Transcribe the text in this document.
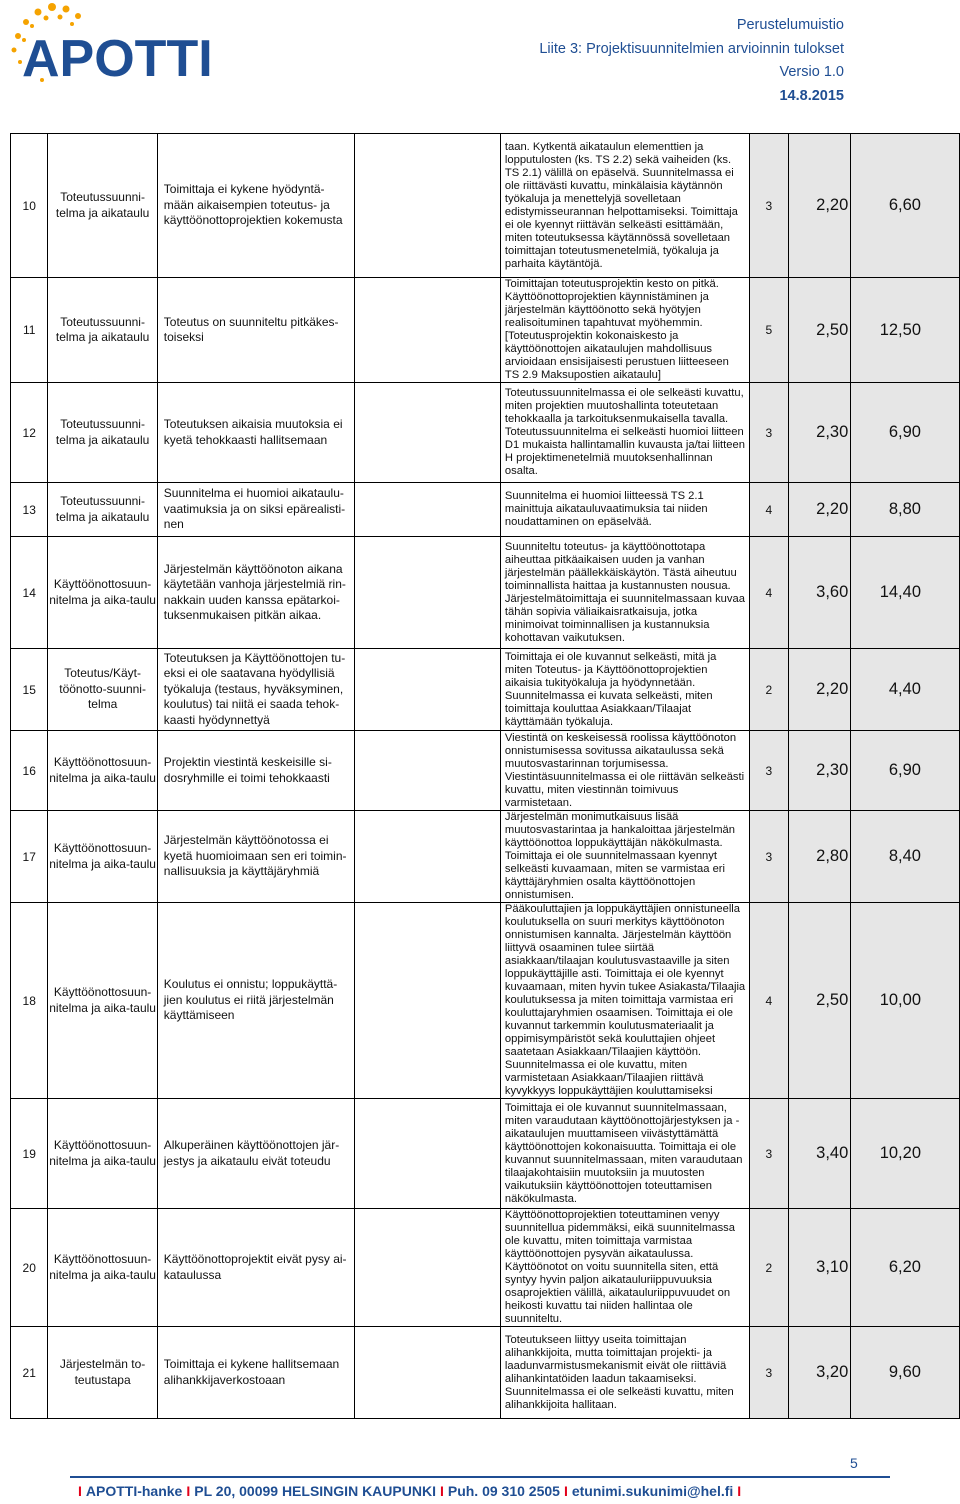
APOTTI
Perustelumuistio
Liite 3: Projektisuunnitelmien arvioinnin tulokset
Versio 1.0
14.8.2015
10	Toteutussuunni-telma ja aikataulu	Toimittaja ei kykene hyödyntä-mään aikaisempien toteutus- ja käyttöönottoprojektien kokemusta		taan. Kytkentä aikataulun elementtien ja lopputulosten (ks. TS 2.2) sekä vaiheiden (ks. TS 2.1) välillä on epäselvä. Suunnitelmassa ei ole riittävästi kuvattu, minkälaisia käytännön työkaluja ja menettelyjä sovelletaan edistymisseurannan helpottamiseksi. Toimittaja ei ole kyennyt riittävän selkeästi esittämään, miten toteutuksessa käytännössä sovelletaan toimittajan toteutusmenetelmiä, työkaluja ja parhaita käytäntöjä.	3	2,20	6,60
11	Toteutussuunni-telma ja aikataulu	Toteutus on suunniteltu pitkäkes-toiseksi		Toimittajan toteutusprojektin kesto on pitkä. Käyttöönottoprojektien käynnistäminen ja järjestelmän käyttöönotto sekä hyötyjen realisoituminen tapahtuvat myöhemmin. [Toteutusprojektin kokonaiskesto ja käyttöönottojen aikataulujen mahdollisuus arvioidaan ensisijaisesti perustuen liitteeseen TS 2.9 Maksupostien aikataulu]	5	2,50	12,50
12	Toteutussuunni-telma ja aikataulu	Toteutuksen aikaisia muutoksia ei kyetä tehokkaasti hallitsemaan		Toteutussuunnitelmassa ei ole selkeästi kuvattu, miten projektien muutoshallinta toteutetaan tehokkaalla ja tarkoituksenmukaisella tavalla. Toteutussuunnitelma ei selkeästi huomioi liitteen D1 mukaista hallintamallin kuvausta ja/tai liitteen H projektimenetelmiä muutoksenhallinnan osalta.	3	2,30	6,90
13	Toteutussuunni-telma ja aikataulu	Suunnitelma ei huomioi aikataulu-vaatimuksia ja on siksi epärealisti-nen		Suunnitelma ei huomioi liitteessä TS 2.1 mainittuja aikatauluvaatimuksia tai niiden noudattaminen on epäselvää.	4	2,20	8,80
14	Käyttöönottosuun-nitelma ja aika-taulu	Järjestelmän käyttöönoton aikana käytetään vanhoja järjestelmiä rin-nakkain uuden kanssa epätarkoi-tuksenmukaisen pitkän aikaa.		Suunniteltu toteutus- ja käyttöönottotapa aiheuttaa pitkäaikaisen uuden ja vanhan järjestelmän päällekkäiskäytön. Tästä aiheutuu toiminnallista haittaa ja kustannusten nousua. Järjestelmätoimittaja ei suunnitelmassaan kuvaa tähän sopivia väliaikaisratkaisuja, jotka minimoivat toiminnallisen ja kustannuksia kohottavan vaikutuksen.	4	3,60	14,40
15	Toteutus/Käyt-töönotto-suunni-telma	Toteutuksen ja Käyttöönottojen tu-eksi ei ole saatavana hyödyllisiä työkaluja (testaus, hyväksyminen, koulutus) tai niitä ei saada tehok-kaasti hyödynnettyä		Toimittaja ei ole kuvannut selkeästi, mitä ja miten Toteutus- ja Käyttöönottoprojektien aikaisia tukityökaluja ja hyödynnetään. Suunnitelmassa ei kuvata selkeästi, miten toimittaja kouluttaa Asiakkaan/Tilaajat käyttämään työkaluja.	2	2,20	4,40
16	Käyttöönottosuun-nitelma ja aika-taulu	Projektin viestintä keskeisille si-dosryhmille ei toimi tehokkaasti		Viestintä on keskeisessä roolissa käyttöönoton onnistumisessa sovitussa aikataulussa sekä muutosvastarinnan torjumisessa. Viestintäsuunnitelmassa ei ole riittävän selkeästi kuvattu, miten viestinnän toimivuus varmistetaan.	3	2,30	6,90
17	Käyttöönottosuun-nitelma ja aika-taulu	Järjestelmän käyttöönotossa ei kyetä huomioimaan sen eri toimin-nallisuuksia ja käyttäjäryhmiä		Järjestelmän monimutkaisuus lisää muutosvastarintaa ja hankaloittaa järjestelmän käyttöönottoa loppukäyttäjän näkökulmasta. Toimittaja ei ole suunnitelmassaan kyennyt selkeästi kuvaamaan, miten se varmistaa eri käyttäjäryhmien osalta käyttöönottojen onnistumisen.	3	2,80	8,40
18	Käyttöönottosuun-nitelma ja aika-taulu	Koulutus ei onnistu; loppukäyttä-jien koulutus ei riitä järjestelmän käyttämiseen		Pääkouluttajien ja loppukäyttäjien onnistuneella koulutuksella on suuri merkitys käyttöönoton onnistumisen kannalta. Järjestelmän käyttöön liittyvä osaaminen tulee siirtää asiakkaan/tilaajan koulutusvastaaville ja siten loppukäyttäjille asti. Toimittaja ei ole kyennyt kuvaamaan, miten hyvin tukee Asiakasta/Tilaajia koulutuksessa ja miten toimittaja varmistaa eri kouluttajaryhmien osaamisen. Toimittaja ei ole kuvannut tarkemmin koulutusmateriaalit ja oppimisympäristöt sekä kouluttajien ohjeet saatetaan Asiakkaan/Tilaajien käyttöön. Suunnitelmassa ei ole kuvattu, miten varmistetaan Asiakkaan/Tilaajien riittävä kyvykkyys loppukäyttäjien kouluttamiseksi	4	2,50	10,00
19	Käyttöönottosuun-nitelma ja aika-taulu	Alkuperäinen käyttöönottojen jär-jestys ja aikataulu eivät toteudu		Toimittaja ei ole kuvannut suunnitelmassaan, miten varaudutaan käyttöönottojärjestyksen ja -aikataulujen muuttamiseen viivästyttämättä käyttöönottojen kokonaisuutta. Toimittaja ei ole kuvannut suunnitelmassaan, miten varaudutaan tilaajakohtaisiin muutoksiin ja muutosten vaikutuksiin käyttöönottojen toteuttamisen näkökulmasta.	3	3,40	10,20
20	Käyttöönottosuun-nitelma ja aika-taulu	Käyttöönottoprojektit eivät pysy ai-kataulussa		Käyttöönottoprojektien toteuttaminen venyy suunnitellua pidemmäksi, eikä suunnitelmassa ole kuvattu, miten toimittaja varmistaa käyttöönottojen pysyvän aikataulussa. Käyttöönotot on voitu suunnitella siten, että syntyy hyvin paljon aikatauluriippuvuuksia osaprojektien välillä, aikatauluriippuvuudet on heikosti kuvattu tai niiden hallintaa ole suunniteltu.	2	3,10	6,20
21	Järjestelmän to-teutustapa	Toimittaja ei kykene hallitsemaan alihankkijaverkostoaan		Toteutukseen liittyy useita toimittajan alihankkijoita, mutta toimittajan projekti- ja laadunvarmistusmekanismit eivät ole riittäviä alihankintatöiden laadun takaamiseksi. Suunnitelmassa ei ole selkeästi kuvattu, miten alihankkijoita hallitaan.	3	3,20	9,60
5
I APOTTI-hanke I PL 20, 00099 HELSINGIN KAUPUNKI I Puh. 09 310 2505 I etunimi.sukunimi@hel.fi I
